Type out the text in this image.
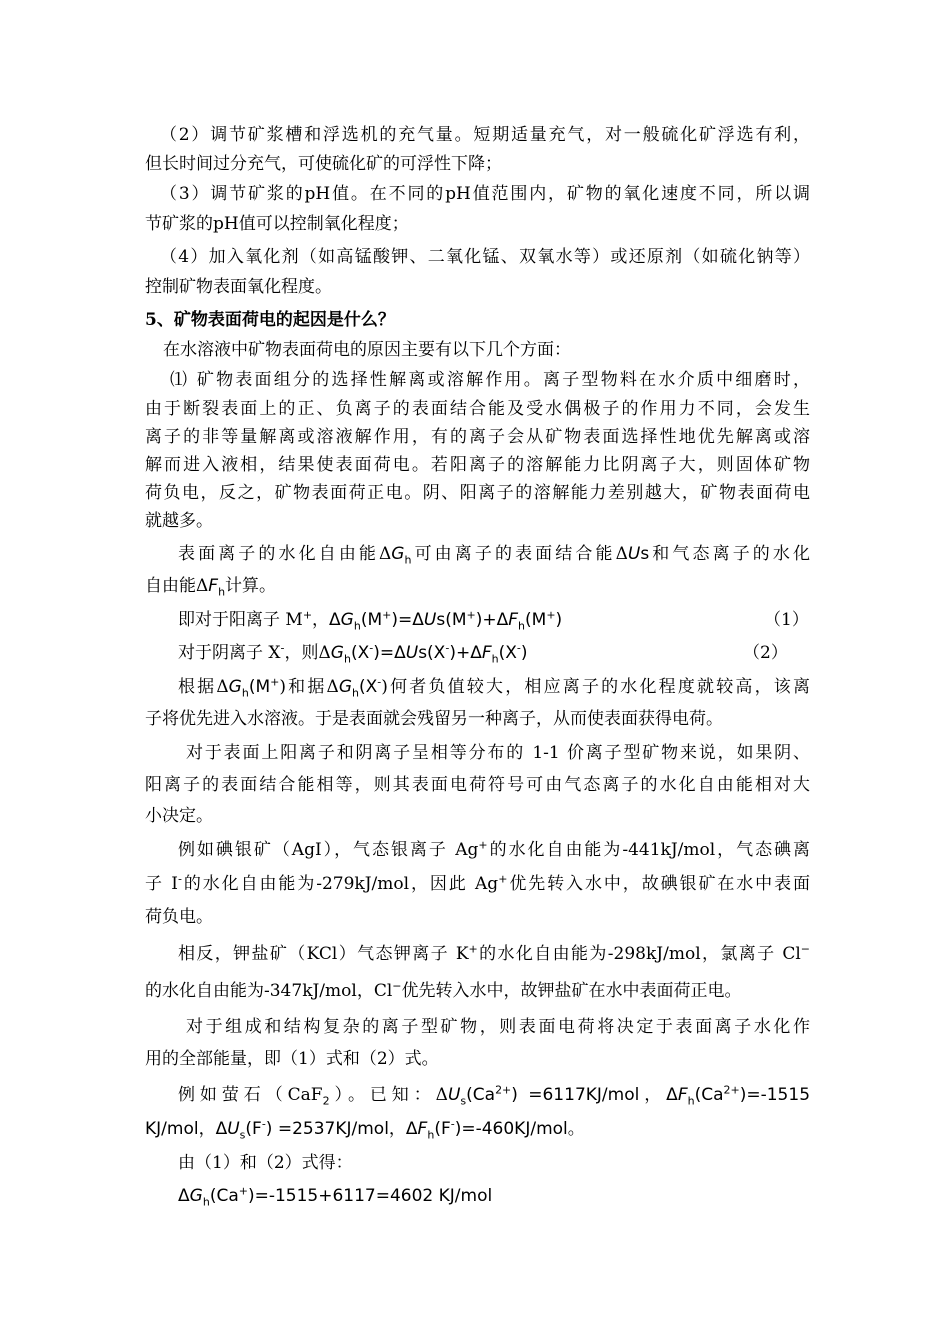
（2）调节矿浆槽和浮选机的充气量。短期适量充气，对一般硫化矿浮选有利，
但长时间过分充气，可使硫化矿的可浮性下降；
（3）调节矿浆的pH值。在不同的pH值范围内，矿物的氧化速度不同，所以调
节矿浆的pH值可以控制氧化程度；
（4）加入氧化剂（如高锰酸钾、二氧化锰、双氧水等）或还原剂（如硫化钠等）
控制矿物表面氧化程度。
5、矿物表面荷电的起因是什么？
在水溶液中矿物表面荷电的原因主要有以下几个方面：
⑴ 矿物表面组分的选择性解离或溶解作用。离子型物料在水介质中细磨时，
由于断裂表面上的正、负离子的表面结合能及受水偶极子的作用力不同，会发生
离子的非等量解离或溶液解作用，有的离子会从矿物表面选择性地优先解离或溶
解而进入液相，结果使表面荷电。若阳离子的溶解能力比阴离子大，则固体矿物
荷负电，反之，矿物表面荷正电。阴、阳离子的溶解能力差别越大，矿物表面荷电
就越多。
表面离子的水化自由能$\Delta G_h$可由离子的表面结合能ΔUs和气态离子的水化
自由能$\Delta F_h$计算。
即对于阳离子 M+，$\Delta G_h(M^+)=\Delta Us(M^+)+\Delta F_h(M^+)$	（1）
对于阴离子 X-，则$\Delta G_h(X^-)=\Delta Us(X^-)+\Delta F_h(X^-)$	（2）
根据$\Delta G_h(M^+)$和据$\Delta G_h(X^-)$何者负值较大，相应离子的水化程度就较高，该离
子将优先进入水溶液。于是表面就会残留另一种离子，从而使表面获得电荷。
对于表面上阳离子和阴离子呈相等分布的 1-1 价离子型矿物来说，如果阴、
阳离子的表面结合能相等，则其表面电荷符号可由气态离子的水化自由能相对大
小决定。
例如碘银矿（AgI），气态银离子 Ag+的水化自由能为-441kJ/mol，气态碘离
子 I-的水化自由能为-279kJ/mol，因此 Ag+优先转入水中，故碘银矿在水中表面
荷负电。
相反，钾盐矿（KCl）气态钾离子 K+的水化自由能为-298kJ/mol，氯离子 Cl−
的水化自由能为-347kJ/mol，Cl−优先转入水中，故钾盐矿在水中表面荷正电。
对于组成和结构复杂的离子型矿物，则表面电荷将决定于表面离子水化作
用的全部能量，即（1）式和（2）式。
例如萤石（CaF$_2$）。已知：$\Delta U_s(Ca^{2+}) =6117KJ/mol$，$\Delta F_h(Ca^{2+})=-1515$
KJ/mol，$\Delta U_s(F^-) =2537KJ/mol$，$\Delta F_h(F^-)=-460KJ$/mol。
由（1）和（2）式得：
$\Delta G_h(Ca^+)=-1515+6117=4602$ KJ/mol
